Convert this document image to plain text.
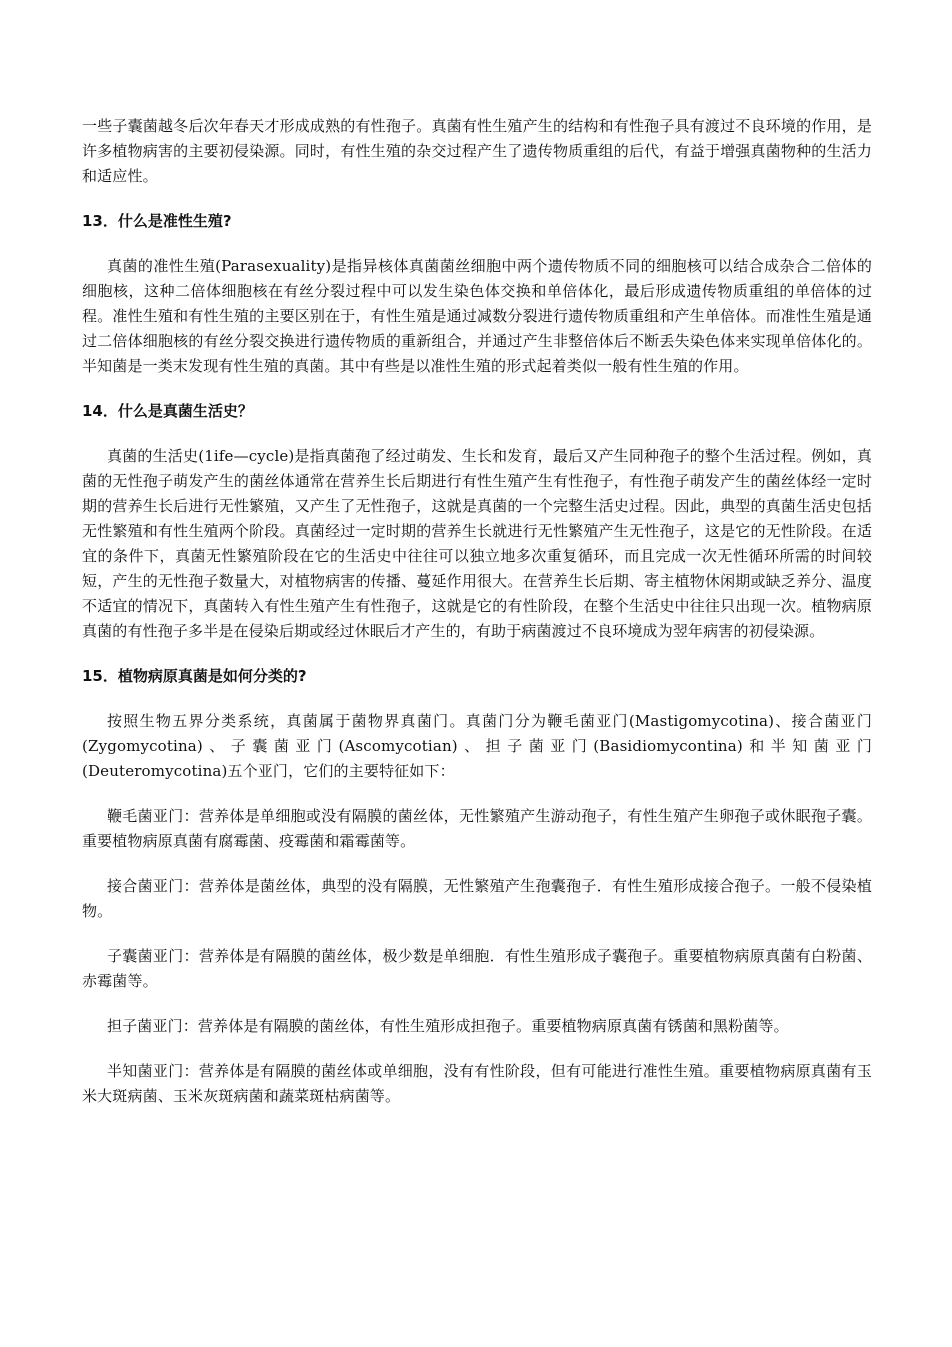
一些子囊菌越冬后次年春天才形成成熟的有性孢子。真菌有性生殖产生的结构和有性孢子具有渡过不良环境的作用，是许多植物病害的主要初侵染源。同时，有性生殖的杂交过程产生了遗传物质重组的后代，有益于增强真菌物种的生活力和适应性。

13．什么是准性生殖?

真菌的准性生殖(Parasexuality)是指异核体真菌菌丝细胞中两个遗传物质不同的细胞核可以结合成杂合二倍体的细胞核，这种二倍体细胞核在有丝分裂过程中可以发生染色体交换和单倍体化，最后形成遗传物质重组的单倍体的过程。准性生殖和有性生殖的主要区别在于，有性生殖是通过减数分裂进行遗传物质重组和产生单倍体。而准性生殖是通过二倍体细胞核的有丝分裂交换进行遗传物质的重新组合，并通过产生非整倍体后不断丢失染色体来实现单倍体化的。半知菌是一类末发现有性生殖的真菌。其中有些是以准性生殖的形式起着类似一般有性生殖的作用。

14．什么是真菌生活史？

真菌的生活史(1ife—cycle)是指真菌孢了经过萌发、生长和发育，最后又产生同种孢子的整个生活过程。例如，真菌的无性孢子萌发产生的菌丝体通常在营养生长后期进行有性生殖产生有性孢子，有性孢子萌发产生的菌丝体经一定时期的营养生长后进行无性繁殖，又产生了无性孢子，这就是真菌的一个完整生活史过程。因此，典型的真菌生活史包括无性繁殖和有性生殖两个阶段。真菌经过一定时期的营养生长就进行无性繁殖产生无性孢子，这是它的无性阶段。在适宜的条件下，真菌无性繁殖阶段在它的生活史中往往可以独立地多次重复循环，而且完成一次无性循环所需的时间较短，产生的无性孢子数量大，对植物病害的传播、蔓延作用很大。在营养生长后期、寄主植物休闲期或缺乏养分、温度不适宜的情况下，真菌转入有性生殖产生有性孢子，这就是它的有性阶段，在整个生活史中往往只出现一次。植物病原真菌的有性孢子多半是在侵染后期或经过休眠后才产生的，有助于病菌渡过不良环境成为翌年病害的初侵染源。

15．植物病原真菌是如何分类的?

按照生物五界分类系统，真菌属于菌物界真菌门。真菌门分为鞭毛菌亚门(Mastigomycotina)、接合菌亚门(Zygomycotina)、子囊菌亚门(Ascomycotian)、担子菌亚门(Basidiomycontina)和半知菌亚门(Deuteromycotina)五个亚门，它们的主要特征如下：

鞭毛菌亚门：营养体是单细胞或没有隔膜的菌丝体，无性繁殖产生游动孢子，有性生殖产生卵孢子或休眠孢子囊。重要植物病原真菌有腐霉菌、疫霉菌和霜霉菌等。

接合菌亚门：营养体是菌丝体，典型的没有隔膜，无性繁殖产生孢囊孢子．有性生殖形成接合孢子。一般不侵染植物。

子囊菌亚门：营养体是有隔膜的菌丝体，极少数是单细胞．有性生殖形成子囊孢子。重要植物病原真菌有白粉菌、赤霉菌等。

担子菌亚门：营养体是有隔膜的菌丝体，有性生殖形成担孢子。重要植物病原真菌有锈菌和黑粉菌等。

半知菌亚门：营养体是有隔膜的菌丝体或单细胞，没有有性阶段，但有可能进行准性生殖。重要植物病原真菌有玉米大斑病菌、玉米灰斑病菌和蔬菜斑枯病菌等。
